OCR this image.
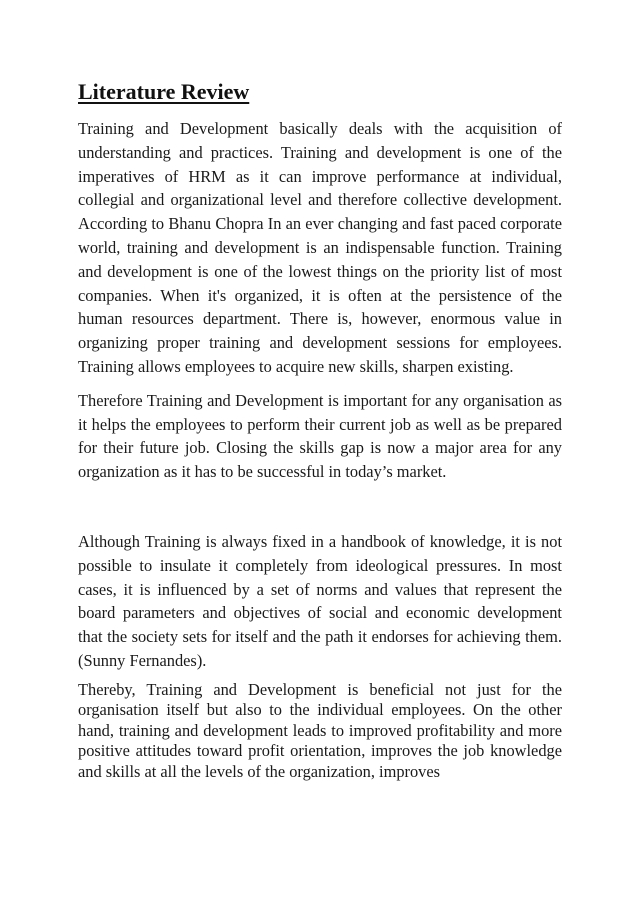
Literature Review

Training and Development basically deals with the acquisition of understanding and practices. Training and development is one of the imperatives of HRM as it can improve performance at individual, collegial and organizational level and therefore collective development. According to Bhanu Chopra In an ever changing and fast paced corporate world, training and development is an indispensable function. Training and development is one of the lowest things on the priority list of most companies. When it's organized, it is often at the persistence of the human resources department. There is, however, enormous value in organizing proper training and development sessions for employees. Training allows employees to acquire new skills, sharpen existing.

Therefore Training and Development is important for any organisation as it helps the employees to perform their current job as well as be prepared for their future job. Closing the skills gap is now a major area for any organization as it has to be successful in today’s market.

Although Training is always fixed in a handbook of knowledge, it is not possible to insulate it completely from ideological pressures. In most cases, it is influenced by a set of norms and values that represent the board parameters and objectives of social and economic development that the society sets for itself and the path it endorses for achieving them. (Sunny Fernandes).

Thereby, Training and Development is beneficial not just for the organisation itself but also to the individual employees. On the other hand, training and development leads to improved profitability and more positive attitudes toward profit orientation, improves the job knowledge and skills at all the levels of the organization, improves
